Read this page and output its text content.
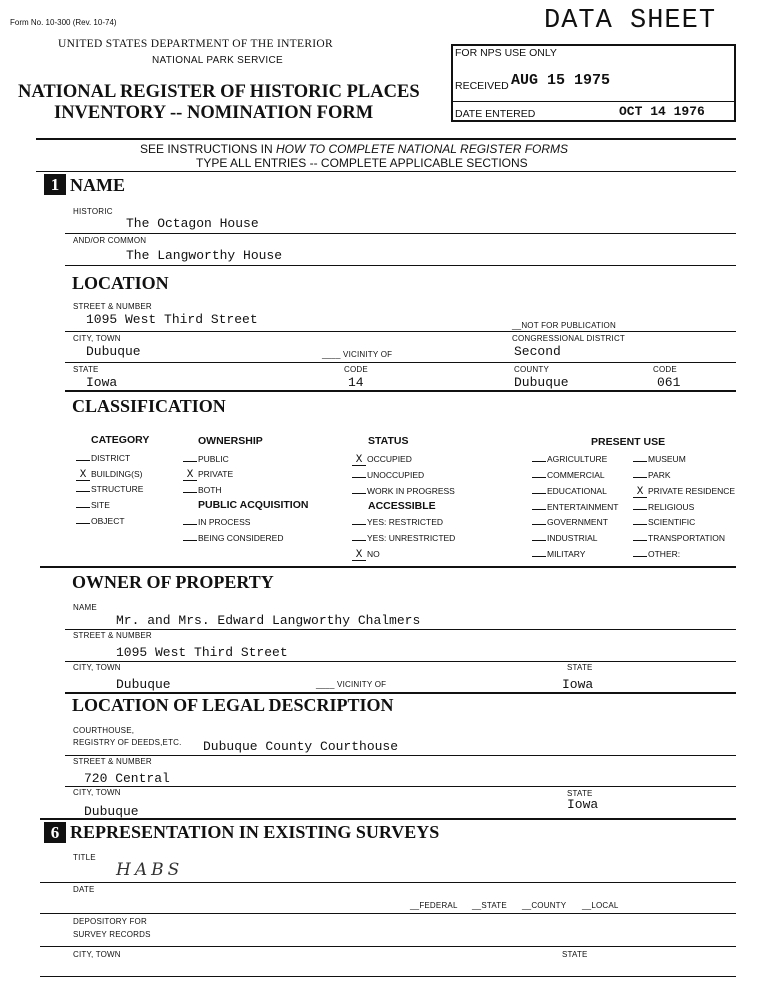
Form No. 10-300 (Rev. 10-74)
UNITED STATES DEPARTMENT OF THE INTERIOR
NATIONAL PARK SERVICE
NATIONAL REGISTER OF HISTORIC PLACES
INVENTORY -- NOMINATION FORM
DATA SHEET
FOR NPS USE ONLY
RECEIVED AUG 15 1975
DATE ENTERED	OCT 14 1976
SEE INSTRUCTIONS IN HOW TO COMPLETE NATIONAL REGISTER FORMS
TYPE ALL ENTRIES -- COMPLETE APPLICABLE SECTIONS
1 NAME
HISTORIC
The Octagon House
AND/OR COMMON
The Langworthy House
LOCATION
STREET & NUMBER
1095 West Third Street	__NOT FOR PUBLICATION
CITY, TOWN
Dubuque	____ VICINITY OF
CONGRESSIONAL DISTRICT
Second
STATE
Iowa
CODE
14
COUNTY
Dubuque
CODE
061
CLASSIFICATION
CATEGORY	OWNERSHIP	STATUS	PRESENT USE
DISTRICT
X BUILDING(S)
STRUCTURE
SITE
OBJECT
PUBLIC
X PRIVATE
BOTH
PUBLIC ACQUISITION
IN PROCESS
BEING CONSIDERED
X OCCUPIED
UNOCCUPIED
WORK IN PROGRESS
ACCESSIBLE
YES: RESTRICTED
YES: UNRESTRICTED
X NO
AGRICULTURE
COMMERCIAL
EDUCATIONAL
ENTERTAINMENT
GOVERNMENT
INDUSTRIAL
MILITARY
MUSEUM
PARK
X PRIVATE RESIDENCE
RELIGIOUS
SCIENTIFIC
TRANSPORTATION
OTHER:
OWNER OF PROPERTY
NAME
Mr. and Mrs. Edward Langworthy Chalmers
STREET & NUMBER
1095 West Third Street
CITY, TOWN
Dubuque	____ VICINITY OF
STATE
Iowa
LOCATION OF LEGAL DESCRIPTION
COURTHOUSE,
REGISTRY OF DEEDS,ETC. Dubuque County Courthouse
STREET & NUMBER
720 Central
CITY, TOWN
Dubuque
STATE
Iowa
6 REPRESENTATION IN EXISTING SURVEYS
TITLE
HABS
DATE
__FEDERAL __STATE __COUNTY __LOCAL
DEPOSITORY FOR
SURVEY RECORDS
CITY, TOWN	STATE
